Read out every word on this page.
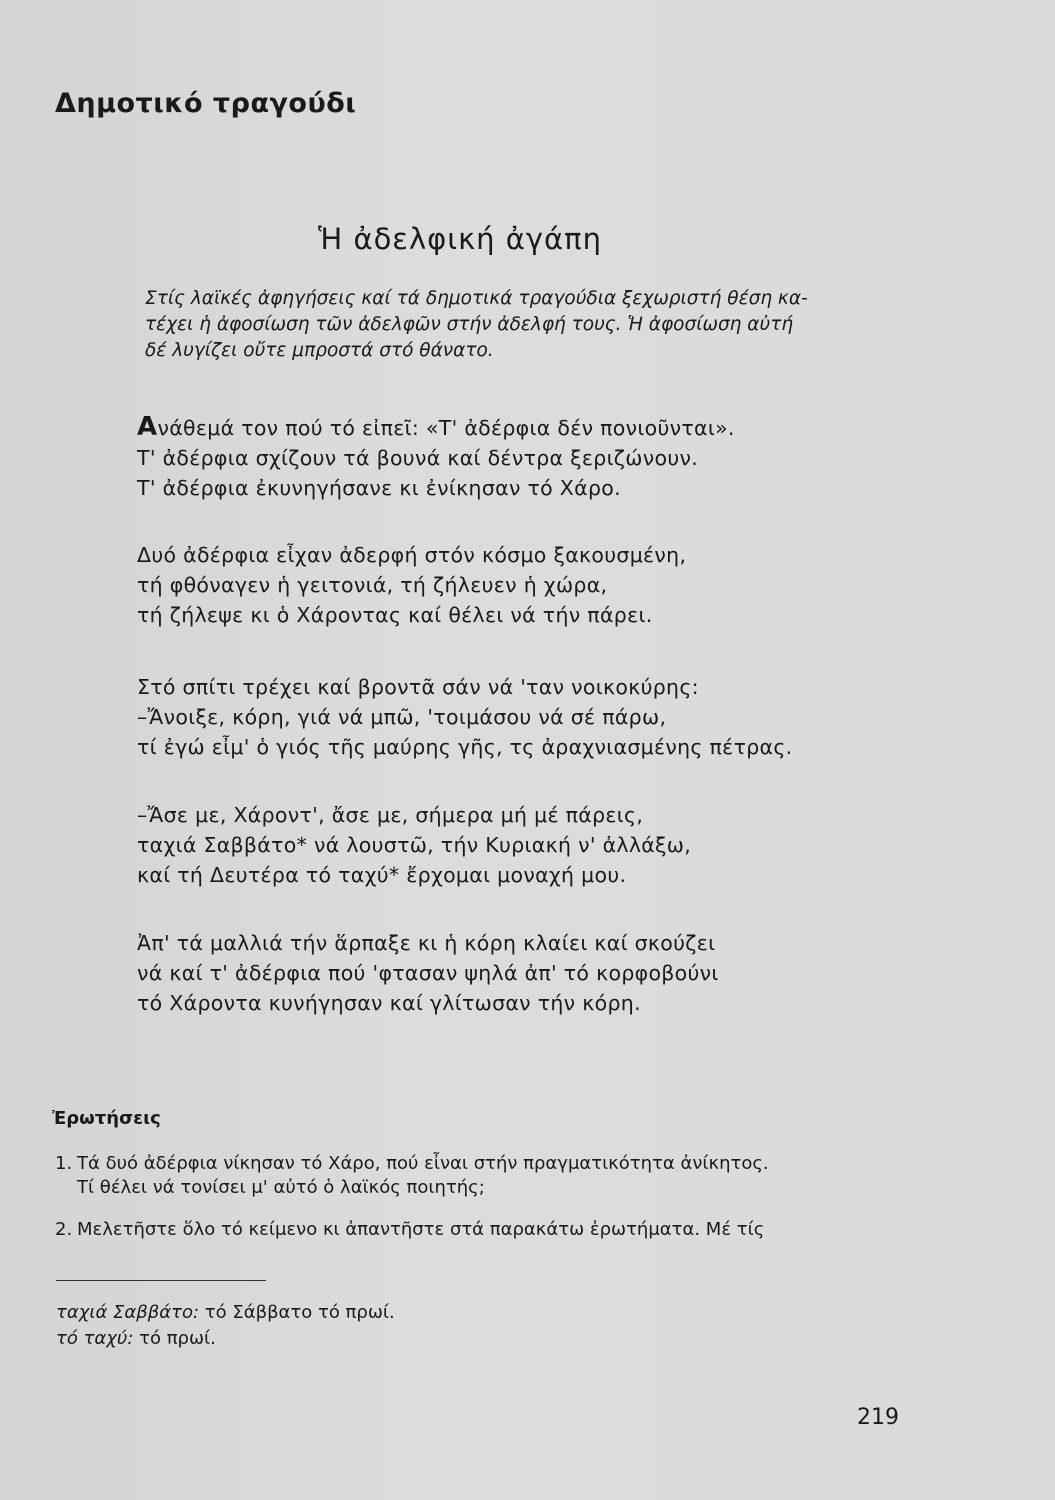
Δημοτικό τραγούδι
Ἡ ἀδελφική ἀγάπη
Στίς λαϊκές ἀφηγήσεις καί τά δημοτικά τραγούδια ξεχωριστή θέση κα-
τέχει ἡ ἀφοσίωση τῶν ἀδελφῶν στήν ἀδελφή τους. Ἡ ἀφοσίωση αὐτή
δέ λυγίζει οὔτε μπροστά στό θάνατο.
Ανάθεμά τον πού τό εἰπεῖ: «Τ' ἀδέρφια δέν πονιοῦνται».
Τ' ἀδέρφια σχίζουν τά βουνά καί δέντρα ξεριζώνουν.
Τ' ἀδέρφια ἐκυνηγήσανε κι ἐνίκησαν τό Χάρο.
Δυό ἀδέρφια εἶχαν ἀδερφή στόν κόσμο ξακουσμένη,
τή φθόναγεν ἡ γειτονιά, τή ζήλευεν ἡ χώρα,
τή ζήλεψε κι ὁ Χάροντας καί θέλει νά τήν πάρει.
Στό σπίτι τρέχει καί βροντᾶ σάν νά 'ταν νοικοκύρης:
–Ἄνοιξε, κόρη, γιά νά μπῶ, 'τοιμάσου νά σέ πάρω,
τί ἐγώ εἶμ' ὁ γιός τῆς μαύρης γῆς, τς ἀραχνιασμένης πέτρας.
–Ἄσε με, Χάροντ', ἄσε με, σήμερα μή μέ πάρεις,
ταχιά Σαββάτο* νά λουστῶ, τήν Κυριακή ν' ἀλλάξω,
καί τή Δευτέρα τό ταχύ* ἔρχομαι μοναχή μου.
Ἀπ' τά μαλλιά τήν ἅρπαξε κι ἡ κόρη κλαίει καί σκούζει
νά καί τ' ἀδέρφια πού 'φτασαν ψηλά ἀπ' τό κορφοβούνι
τό Χάροντα κυνήγησαν καί γλίτωσαν τήν κόρη.
Ἐρωτήσεις
1. Τά δυό ἀδέρφια νίκησαν τό Χάρο, πού εἶναι στήν πραγματικότητα ἀνίκητος.
Τί θέλει νά τονίσει μ' αὐτό ὁ λαϊκός ποιητής;
2. Μελετῆστε ὅλο τό κείμενο κι ἀπαντῆστε στά παρακάτω ἐρωτήματα. Μέ τίς
ταχιά Σαββάτο: τό Σάββατο τό πρωί.
τό ταχύ: τό πρωί.
219
